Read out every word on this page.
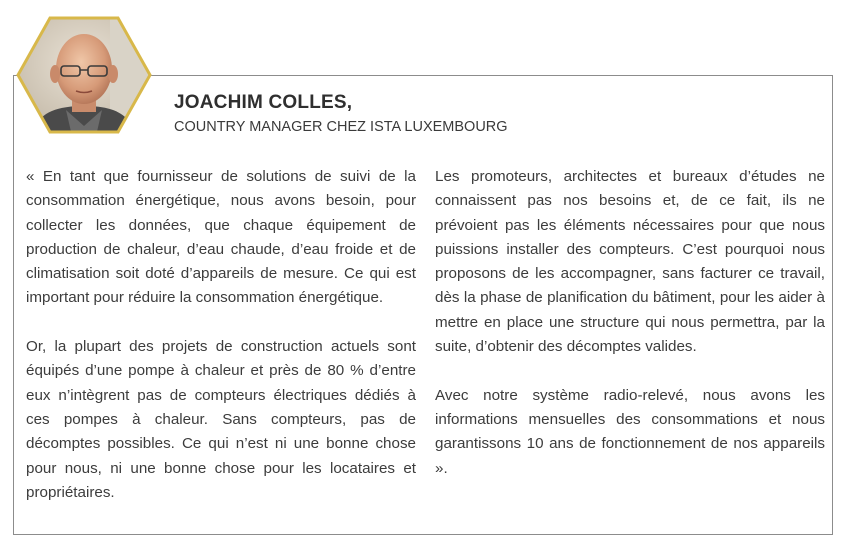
JOACHIM COLLES,
COUNTRY MANAGER CHEZ ISTA LUXEMBOURG

« En tant que fournisseur de solutions de suivi de la consommation énergétique, nous avons besoin, pour collecter les données, que chaque équipement de production de chaleur, d’eau chaude, d’eau froide et de climatisation soit doté d’appareils de mesure. Ce qui est important pour réduire la consommation énergétique.

Or, la plupart des projets de construction actuels sont équipés d’une pompe à chaleur et près de 80 % d’entre eux n’intègrent pas de compteurs électriques dédiés à ces pompes à chaleur. Sans compteurs, pas de décomptes possibles. Ce qui n’est ni une bonne chose pour nous, ni une bonne chose pour les locataires et propriétaires.

Les promoteurs, architectes et bureaux d’études ne connaissent pas nos besoins et, de ce fait, ils ne prévoient pas les éléments nécessaires pour que nous puissions installer des compteurs. C’est pourquoi nous proposons de les accompagner, sans facturer ce travail, dès la phase de planification du bâtiment, pour les aider à mettre en place une structure qui nous permettra, par la suite, d’obtenir des décomptes valides.

Avec notre système radio-relevé, nous avons les informations mensuelles des consommations et nous garantissons 10 ans de fonctionnement de nos appareils ».
